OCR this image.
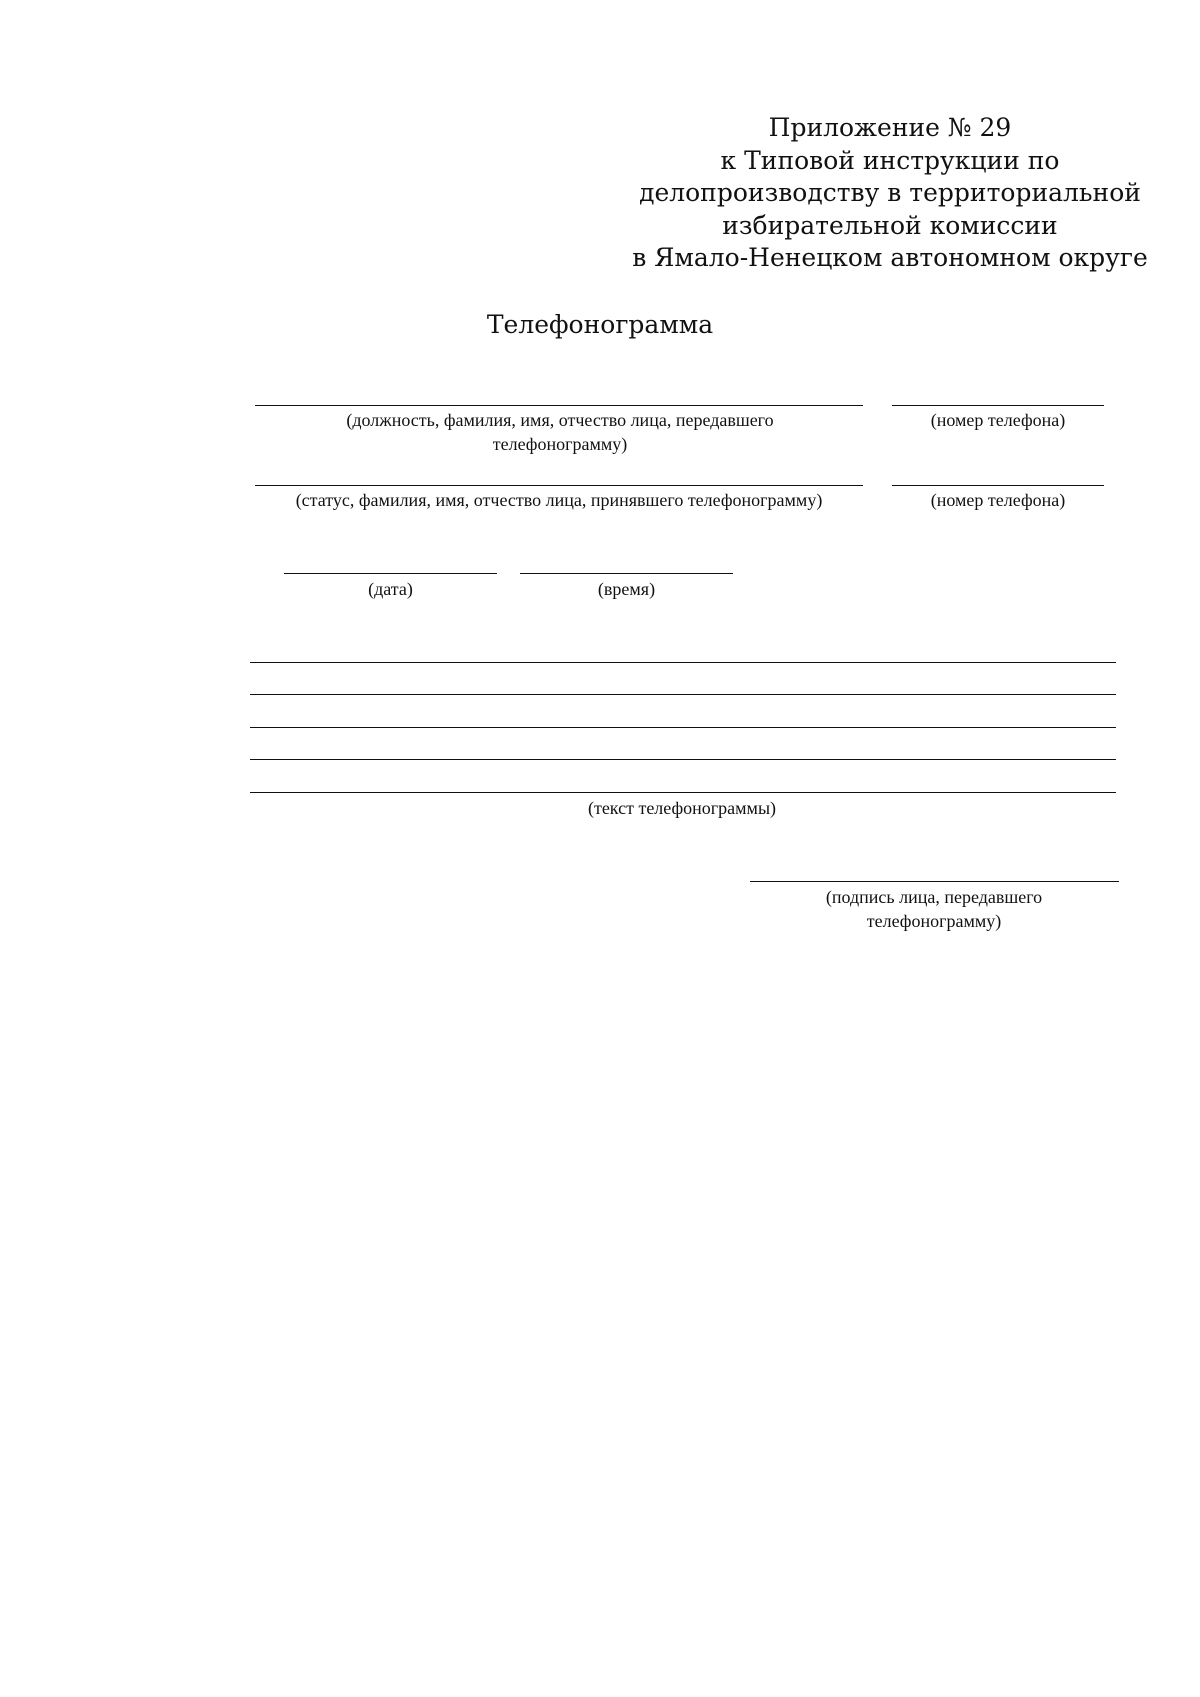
Приложение № 29
к Типовой инструкции по
делопроизводству в территориальной
избирательной комиссии
в Ямало-Ненецком автономном округе
Телефонограмма
(должность, фамилия, имя, отчество лица, передавшего телефонограмму)
(номер телефона)
(статус, фамилия, имя, отчество лица, принявшего телефонограмму)	(номер телефона)
(дата)	(время)
(текст телефонограммы)
(подпись лица, передавшего телефонограмму)
